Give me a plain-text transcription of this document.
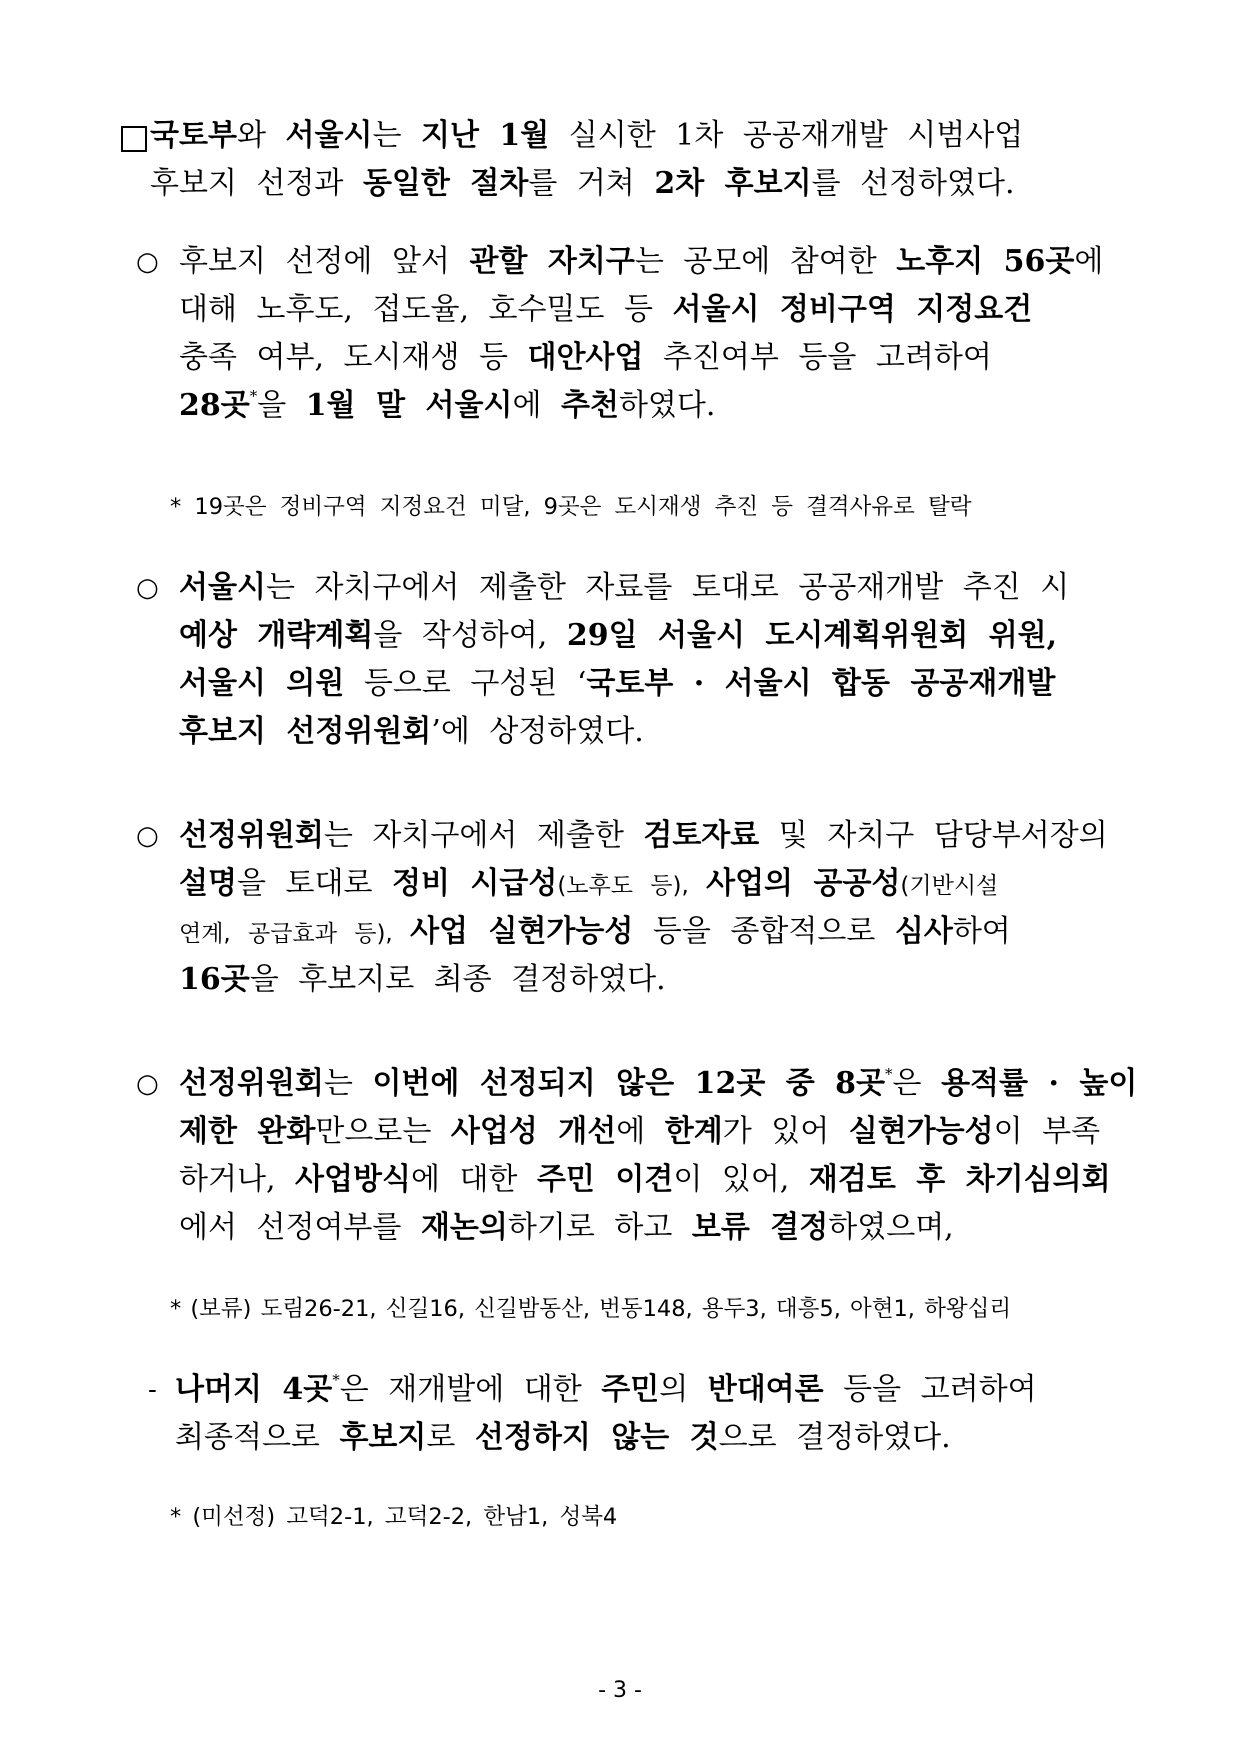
국토부와 서울시는 지난 1월 실시한 1차 공공재개발 시범사업
후보지 선정과 동일한 절차를 거쳐 2차 후보지를 선정하였다.
○ 후보지 선정에 앞서 관할 자치구는 공모에 참여한 노후지 56곳에
대해 노후도, 접도율, 호수밀도 등 서울시 정비구역 지정요건
충족 여부, 도시재생 등 대안사업 추진여부 등을 고려하여
28곳*을 1월 말 서울시에 추천하였다.
* 19곳은 정비구역 지정요건 미달, 9곳은 도시재생 추진 등 결격사유로 탈락
○ 서울시는 자치구에서 제출한 자료를 토대로 공공재개발 추진 시
예상 개략계획을 작성하여, 29일 서울시 도시계획위원회 위원,
서울시 의원 등으로 구성된 ‘국토부 · 서울시 합동 공공재개발
후보지 선정위원회’에 상정하였다.
○ 선정위원회는 자치구에서 제출한 검토자료 및 자치구 담당부서장의
설명을 토대로 정비 시급성(노후도 등), 사업의 공공성(기반시설
연계, 공급효과 등), 사업 실현가능성 등을 종합적으로 심사하여
16곳을 후보지로 최종 결정하였다.
○ 선정위원회는 이번에 선정되지 않은 12곳 중 8곳*은 용적률 · 높이
제한 완화만으로는 사업성 개선에 한계가 있어 실현가능성이 부족
하거나, 사업방식에 대한 주민 이견이 있어, 재검토 후 차기심의회
에서 선정여부를 재논의하기로 하고 보류 결정하였으며,
* (보류) 도림26-21, 신길16, 신길밤동산, 번동148, 용두3, 대흥5, 아현1, 하왕십리
- 나머지 4곳*은 재개발에 대한 주민의 반대여론 등을 고려하여
최종적으로 후보지로 선정하지 않는 것으로 결정하였다.
* (미선정) 고덕2-1, 고덕2-2, 한남1, 성북4
- 3 -
